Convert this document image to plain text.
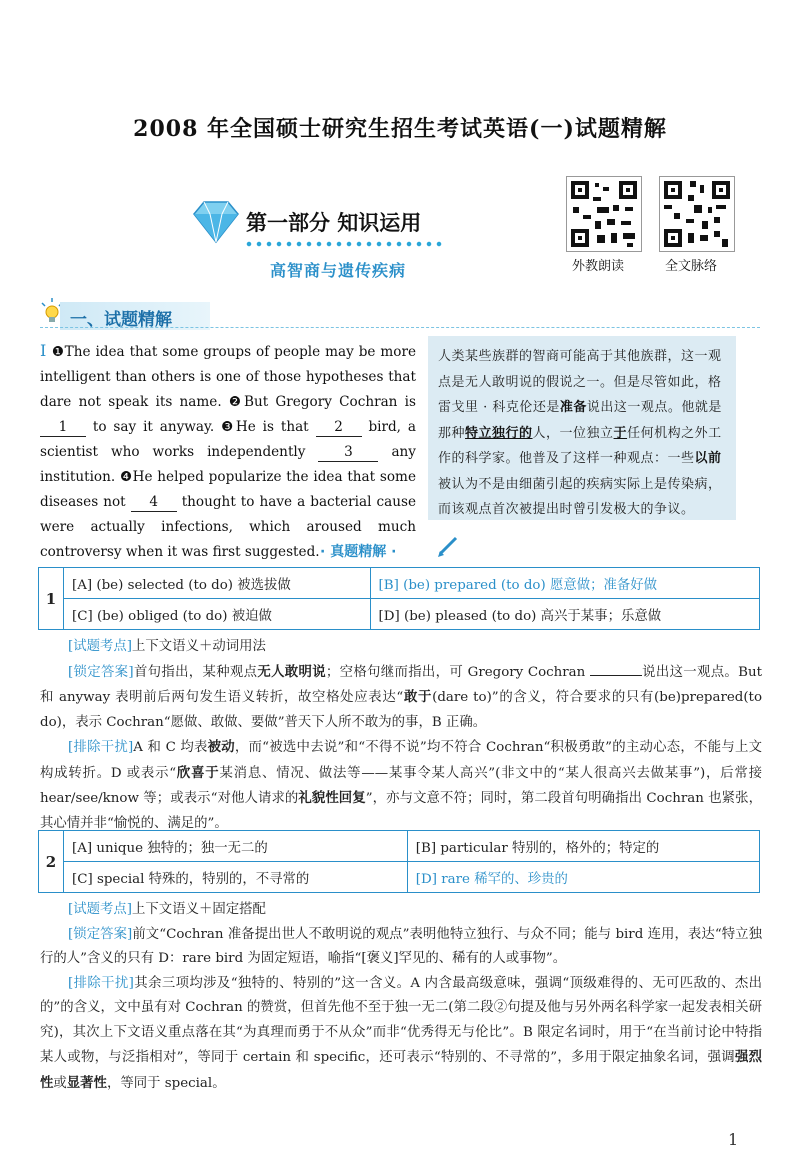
2008 年全国硕士研究生招生考试英语(一)试题精解
第一部分 知识运用
高智商与遗传疾病	外教朗读	全文脉络
一、试题精解
Ⅰ ❶The idea that some groups of people may be more intelligent than others is one of those hypotheses that dare not speak its name. ❷But Gregory Cochran is 1 to say it anyway. ❸He is that 2 bird, a scientist who works independently	3	any institution. ❹He helped popularize the idea that some diseases not 4 thought to have a bacterial cause were actually infections, which aroused much controversy when it was first suggested.
人类某些族群的智商可能高于其他族群，这一观点是无人敢明说的假说之一。但是尽管如此，格雷戈里 · 科克伦还是准备说出这一观点。他就是那种特立独行的人，一位独立于任何机构之外工作的科学家。他普及了这样一种观点：一些以前被认为不是由细菌引起的疾病实际上是传染病，而该观点首次被提出时曾引发极大的争议。
· 真题精解 ·
1	[A] (be) selected (to do) 被选拔做	[B] (be) prepared (to do) 愿意做；准备好做
	[C] (be) obliged (to do) 被迫做	[D] (be) pleased (to do) 高兴于某事；乐意做
[试题考点]上下文语义＋动词用法
[锁定答案]首句指出，某种观点无人敢明说；空格句继而指出，可 Gregory Cochran	说出这一观点。But 和 anyway 表明前后两句发生语义转折，故空格处应表达“敢于(dare to)”的含义，符合要求的只有(be)prepared(to do)，表示 Cochran“愿做、敢做、要做”普天下人所不敢为的事，B 正确。
[排除干扰]A 和 C 均表被动，而“被选中去说”和“不得不说”均不符合 Cochran“积极勇敢”的主动心态，不能与上文构成转折。D 或表示“欣喜于某消息、情况、做法等——某事令某人高兴”(非文中的“某人很高兴去做某事”)，后常接 hear/see/know 等；或表示“对他人请求的礼貌性回复”，亦与文意不符；同时，第二段首句明确指出 Cochran 也紧张，其心情并非“愉悦的、满足的”。
2	[A] unique 独特的；独一无二的	[B] particular 特别的，格外的；特定的
	[C] special 特殊的，特别的，不寻常的	[D] rare 稀罕的、珍贵的
[试题考点]上下文语义＋固定搭配
[锁定答案]前文“Cochran 准备提出世人不敢明说的观点”表明他特立独行、与众不同；能与 bird 连用，表达“特立独行的人”含义的只有 D：rare bird 为固定短语，喻指“[褒义]罕见的、稀有的人或事物”。
[排除干扰]其余三项均涉及“独特的、特别的”这一含义。A 内含最高级意味，强调“顶级难得的、无可匹敌的、杰出的”的含义，文中虽有对 Cochran 的赞赏，但首先他不至于独一无二(第二段②句提及他与另外两名科学家一起发表相关研究)，其次上下文语义重点落在其“为真理而勇于不从众”而非“优秀得无与伦比”。B 限定名词时，用于“在当前讨论中特指某人或物，与泛指相对”，等同于 certain 和 specific，还可表示“特别的、不寻常的”，多用于限定抽象名词，强调强烈性或显著性，等同于 special。
1
